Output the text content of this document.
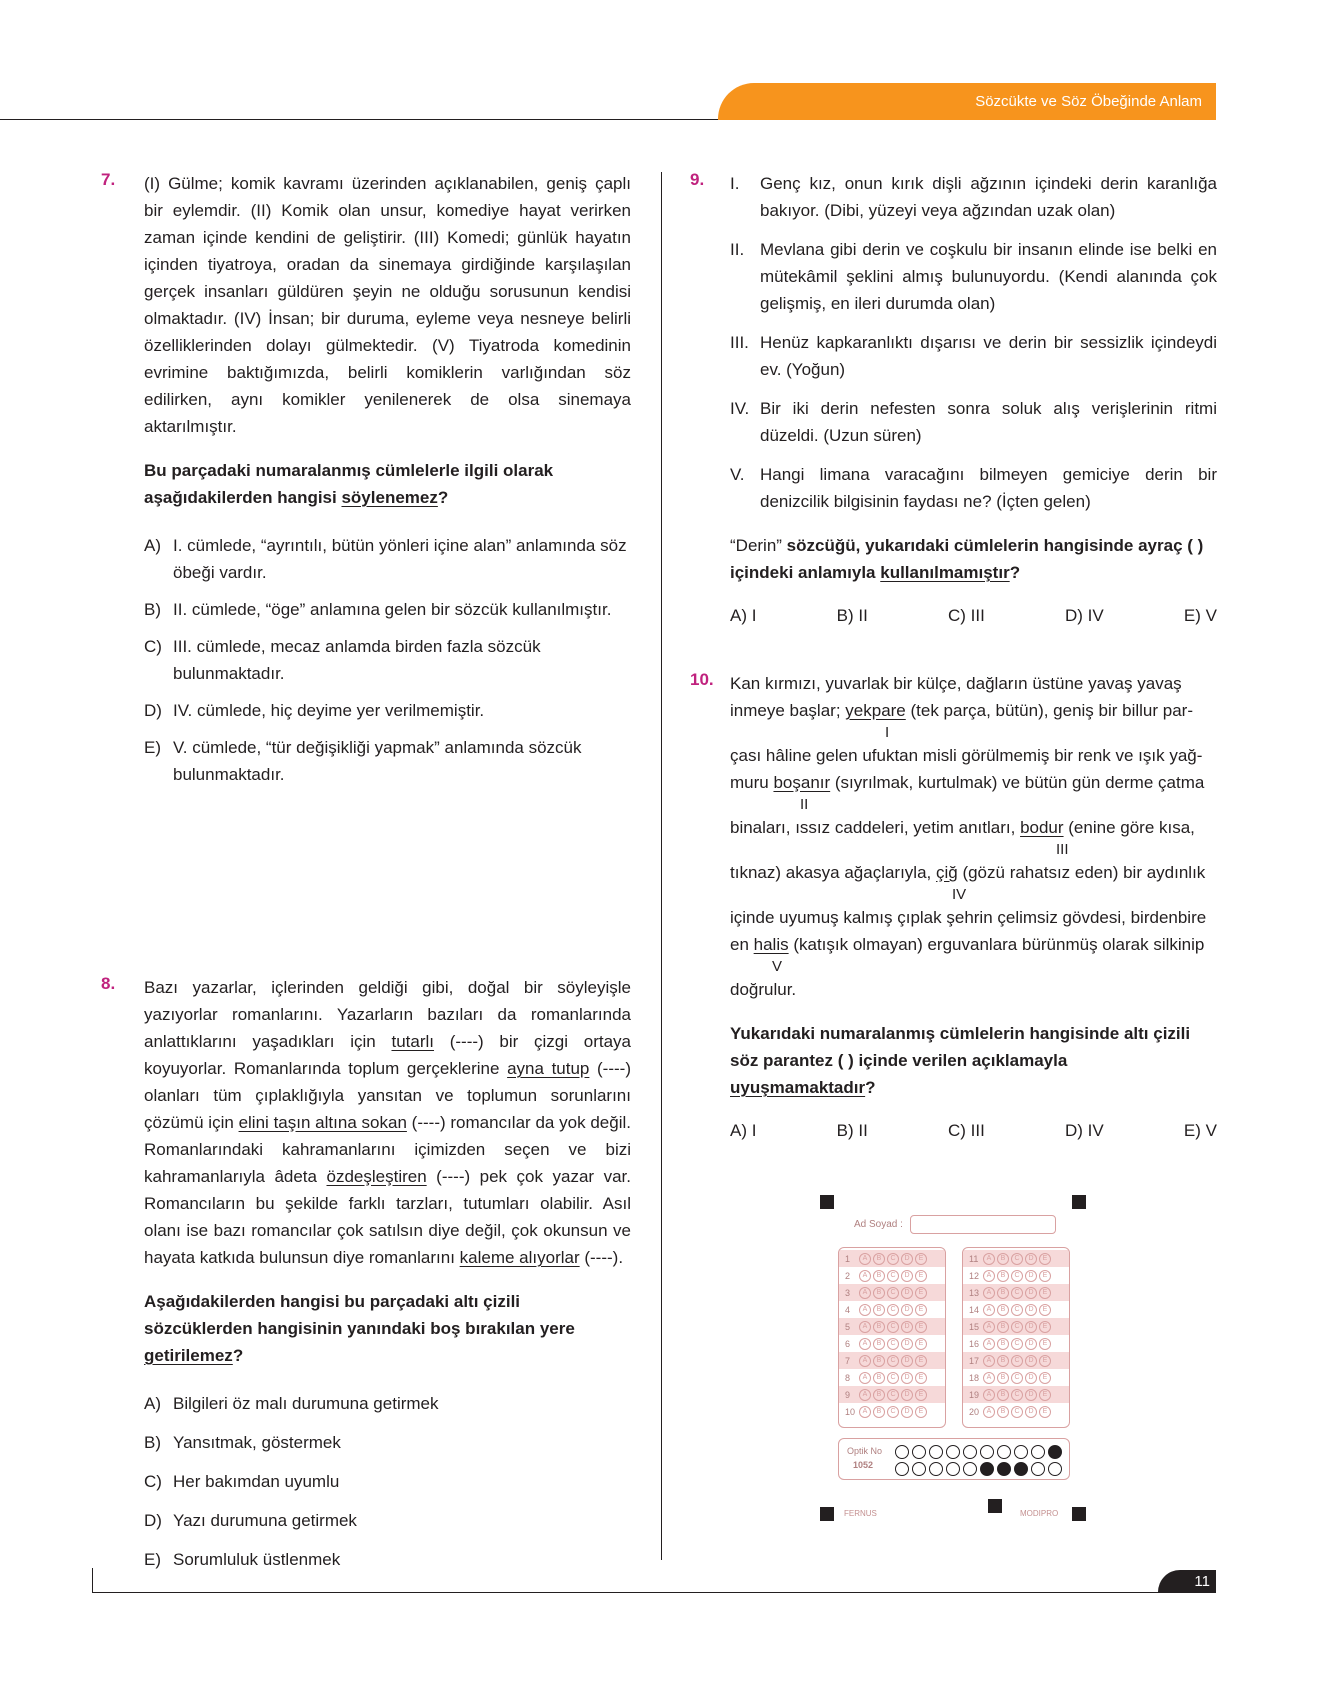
Sözcükte ve Söz Öbeğinde Anlam
7. (I) Gülme; komik kavramı üzerinden açıklanabilen, geniş çaplı bir eylemdir. (II) Komik olan unsur, komediye hayat verirken zaman içinde kendini de geliştirir. (III) Komedi; günlük hayatın içinden tiyatroya, oradan da sinemaya girdiğinde karşılaşılan gerçek insanları güldüren şeyin ne olduğu sorusunun kendisi olmaktadır. (IV) İnsan; bir duruma, eyleme veya nesneye belirli özelliklerinden dolayı gülmektedir. (V) Tiyatroda komedinin evrimine baktığımızda, belirli komiklerin varlığından söz edilirken, aynı komikler yenilenerek de olsa sinemaya aktarılmıştır.
Bu parçadaki numaralanmış cümlelerle ilgili olarak aşağıdakilerden hangisi söylenemez?
A) I. cümlede, “ayrıntılı, bütün yönleri içine alan” anlamında söz öbeği vardır.
B) II. cümlede, “öge” anlamına gelen bir sözcük kullanılmıştır.
C) III. cümlede, mecaz anlamda birden fazla sözcük bulunmaktadır.
D) IV. cümlede, hiç deyime yer verilmemiştir.
E) V. cümlede, “tür değişikliği yapmak” anlamında sözcük bulunmaktadır.
8. Bazı yazarlar, içlerinden geldiği gibi, doğal bir söyleyişle yazıyorlar romanlarını. Yazarların bazıları da romanlarında anlattıklarını yaşadıkları için tutarlı (----) bir çizgi ortaya koyuyorlar. Romanlarında toplum gerçeklerine ayna tutup (----) olanları tüm çıplaklığıyla yansıtan ve toplumun sorunlarını çözümü için elini taşın altına sokan (----) romancılar da yok değil. Romanlarındaki kahramanlarını içimizden seçen ve bizi kahramanlarıyla âdeta özdeşleştiren (----) pek çok yazar var. Romancıların bu şekilde farklı tarzları, tutumları olabilir. Asıl olanı ise bazı romancılar çok satılsın diye değil, çok okunsun ve hayata katkıda bulunsun diye romanlarını kaleme alıyorlar (----).
Aşağıdakilerden hangisi bu parçadaki altı çizili sözcüklerden hangisinin yanındaki boş bırakılan yere getirilemez?
A) Bilgileri öz malı durumuna getirmek
B) Yansıtmak, göstermek
C) Her bakımdan uyumlu
D) Yazı durumuna getirmek
E) Sorumluluk üstlenmek
9. I.	Genç kız, onun kırık dişli ağzının içindeki derin karanlığa bakıyor. (Dibi, yüzeyi veya ağzından uzak olan)
II. Mevlana gibi derin ve coşkulu bir insanın elinde ise belki en mütekâmil şeklini almış bulunuyordu. (Kendi alanında çok gelişmiş, en ileri durumda olan)
III. Henüz kapkaranlıktı dışarısı ve derin bir sessizlik içindeydi ev. (Yoğun)
IV. Bir iki derin nefesten sonra soluk alış verişlerinin ritmi düzeldi. (Uzun süren)
V. Hangi limana varacağını bilmeyen gemiciye derin bir denizcilik bilgisinin faydası ne? (İçten gelen)
“Derin” sözcüğü, yukarıdaki cümlelerin hangisinde ayraç ( ) içindeki anlamıyla kullanılmamıştır?
A) I	B) II	C) III	D) IV	E) V
10. Kan kırmızı, yuvarlak bir külçe, dağların üstüne yavaş yavaş
inmeye başlar; yekpare (tek parça, bütün), geniş bir billur par-
I
çası hâline gelen ufuktan misli görülmemiş bir renk ve ışık yağ-
muru boşanır (sıyrılmak, kurtulmak) ve bütün gün derme çatma
II
binaları, ıssız caddeleri, yetim anıtları, bodur (enine göre kısa,
III
tıknaz) akasya ağaçlarıyla, çiğ (gözü rahatsız eden) bir aydınlık
IV
içinde uyumuş kalmış çıplak şehrin çelimsiz gövdesi, birdenbire
en halis (katışık olmayan) erguvanlara bürünmüş olarak silkinip
V
doğrulur.
Yukarıdaki numaralanmış cümlelerin hangisinde altı çizili söz parantez ( ) içinde verilen açıklamayla uyuşmamaktadır?
A) I	B) II	C) III	D) IV	E) V
Ad Soyad :
1	A	B	C	D	E
2	A	B	C	D	E
3	A	B	C	D	E
4	A	B	C	D	E
5	A	B	C	D	E
6	A	B	C	D	E
7	A	B	C	D	E
8	A	B	C	D	E
9	A	B	C	D	E
10	A	B	C	D	E
11	A	B	C	D	E
12	A	B	C	D	E
13	A	B	C	D	E
14	A	B	C	D	E
15	A	B	C	D	E
16	A	B	C	D	E
17	A	B	C	D	E
18	A	B	C	D	E
19	A	B	C	D	E
20	A	B	C	D	E
Optik No
1052
FERNUS	MODIPRO
11
